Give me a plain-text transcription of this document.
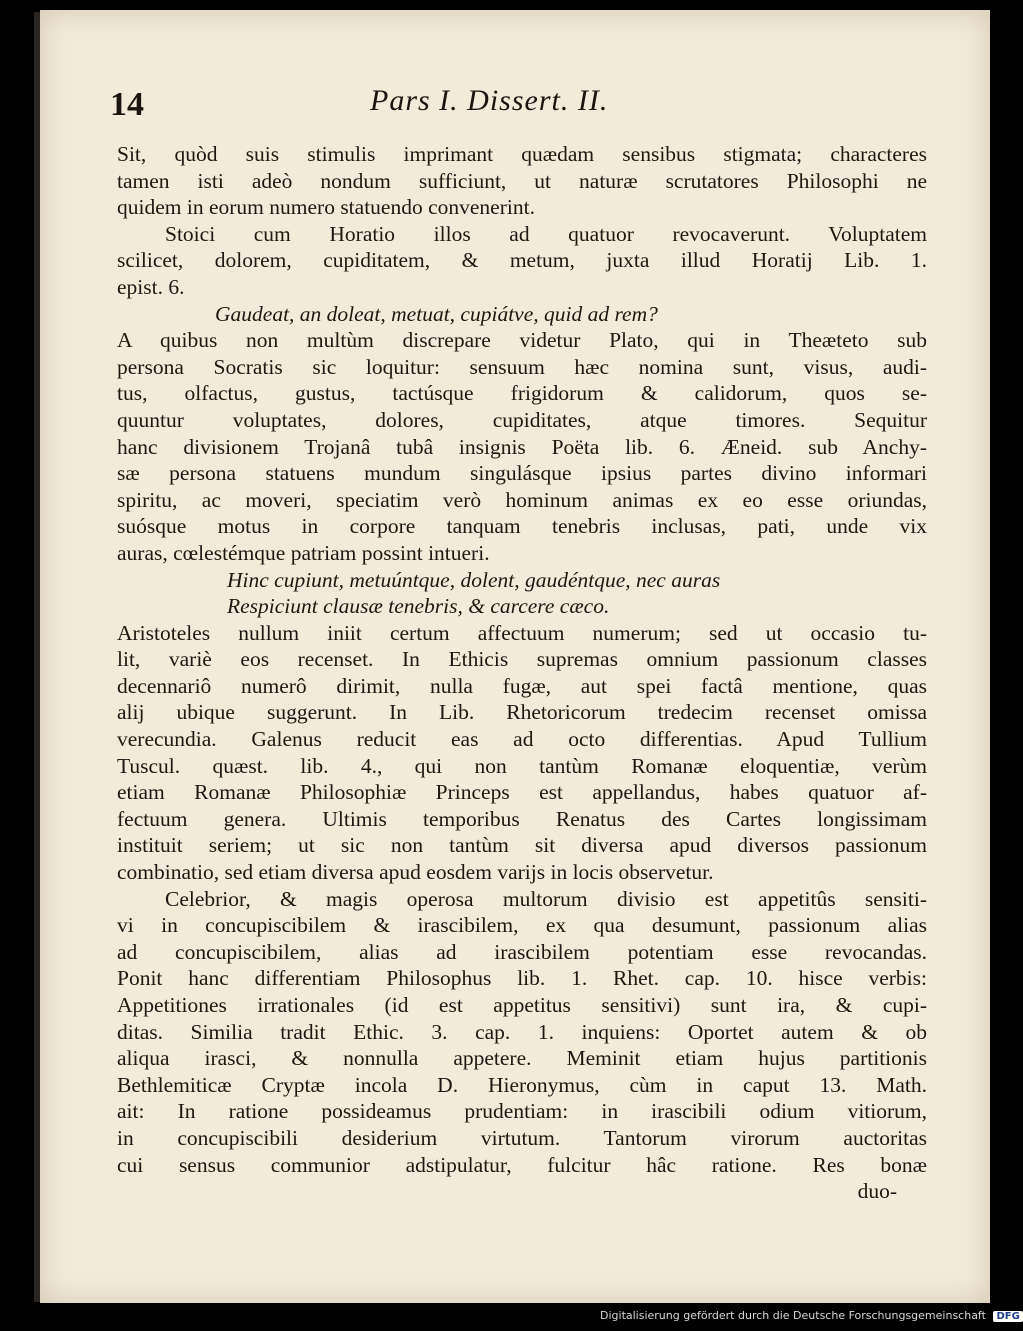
14	Pars I. Dissert. II.
Sit, quòd suis stimulis imprimant quædam sensibus stigmata; characteres
tamen isti adeò nondum sufficiunt, ut naturæ scrutatores Philosophi ne
quidem in eorum numero statuendo convenerint.
Stoici cum Horatio illos ad quatuor revocaverunt. Voluptatem
scilicet, dolorem, cupiditatem, & metum, juxta illud Horatij Lib. 1.
epist. 6.
Gaudeat, an doleat, metuat, cupiátve, quid ad rem?
A quibus non multùm discrepare videtur Plato, qui in Theæteto sub
persona Socratis sic loquitur: sensuum hæc nomina sunt, visus, audi-
tus, olfactus, gustus, tactúsque frigidorum & calidorum, quos se-
quuntur voluptates, dolores, cupiditates, atque timores. Sequitur
hanc divisionem Trojanâ tubâ insignis Poëta lib. 6. Æneid. sub Anchy-
sæ persona statuens mundum singulásque ipsius partes divino informari
spiritu, ac moveri, speciatim verò hominum animas ex eo esse oriundas,
suósque motus in corpore tanquam tenebris inclusas, pati, unde vix
auras, cœlestémque patriam possint intueri.
Hinc cupiunt, metuúntque, dolent, gaudéntque, nec auras
Respiciunt clausæ tenebris, & carcere cæco.
Aristoteles nullum iniit certum affectuum numerum; sed ut occasio tu-
lit, variè eos recenset. In Ethicis supremas omnium passionum classes
decennariô numerô dirimit, nulla fugæ, aut spei factâ mentione, quas
alij ubique suggerunt. In Lib. Rhetoricorum tredecim recenset omissa
verecundia. Galenus reducit eas ad octo differentias. Apud Tullium
Tuscul. quæst. lib. 4., qui non tantùm Romanæ eloquentiæ, verùm
etiam Romanæ Philosophiæ Princeps est appellandus, habes quatuor af-
fectuum genera. Ultimis temporibus Renatus des Cartes longissimam
instituit seriem; ut sic non tantùm sit diversa apud diversos passionum
combinatio, sed etiam diversa apud eosdem varijs in locis observetur.
Celebrior, & magis operosa multorum divisio est appetitûs sensiti-
vi in concupiscibilem & irascibilem, ex qua desumunt, passionum alias
ad concupiscibilem, alias ad irascibilem potentiam esse revocandas.
Ponit hanc differentiam Philosophus lib. 1. Rhet. cap. 10. hisce verbis:
Appetitiones irrationales (id est appetitus sensitivi) sunt ira, & cupi-
ditas. Similia tradit Ethic. 3. cap. 1. inquiens: Oportet autem & ob
aliqua irasci, & nonnulla appetere. Meminit etiam hujus partitionis
Bethlemiticæ Cryptæ incola D. Hieronymus, cùm in caput 13. Math.
ait: In ratione possideamus prudentiam: in irascibili odium vitiorum,
in concupiscibili desiderium virtutum. Tantorum virorum auctoritas
cui sensus communior adstipulatur, fulcitur hâc ratione. Res bonæ
duo-
Digitalisierung gefördert durch die Deutsche Forschungsgemeinschaft DFG
